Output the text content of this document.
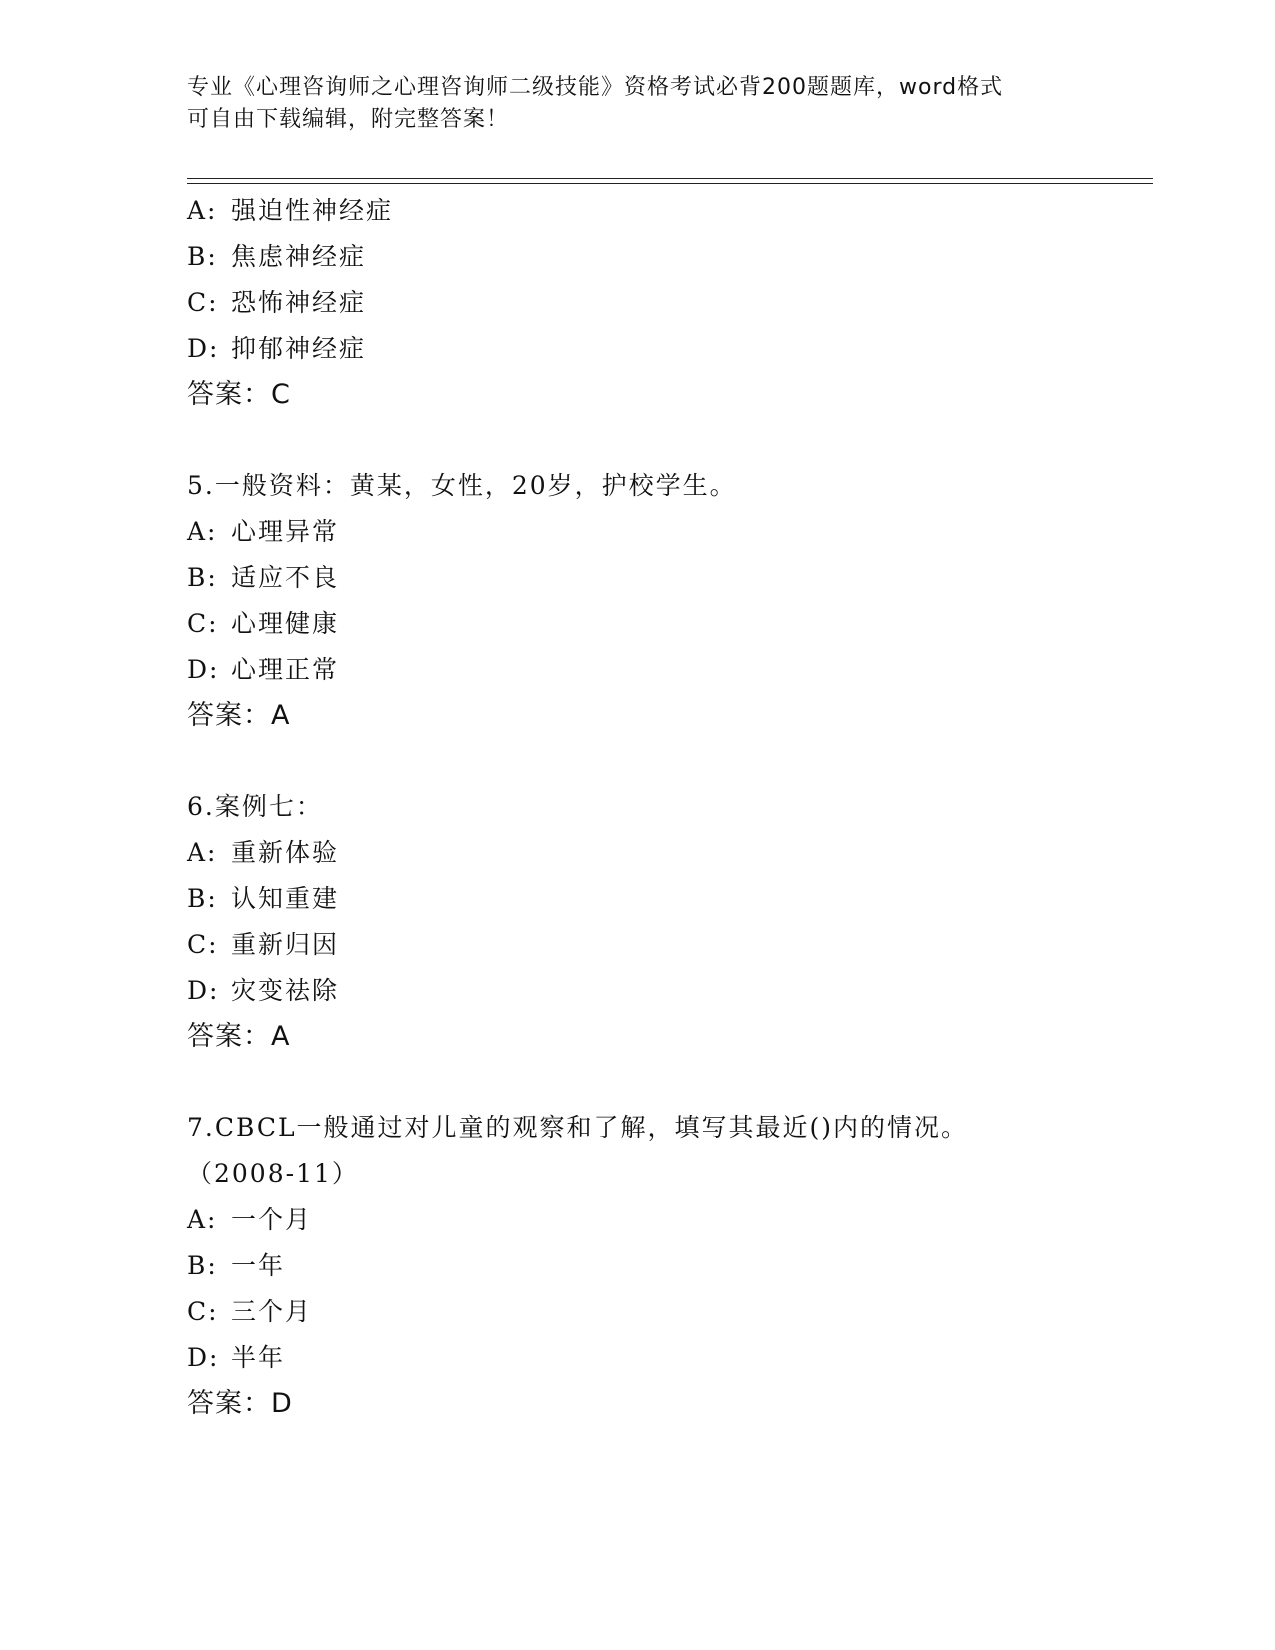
专业《心理咨询师之心理咨询师二级技能》资格考试必背200题题库，word格式
可自由下载编辑，附完整答案！
A: 强迫性神经症
B: 焦虑神经症
C: 恐怖神经症
D: 抑郁神经症
答案：C
5.一般资料：黄某，女性，20岁，护校学生。
A: 心理异常
B: 适应不良
C: 心理健康
D: 心理正常
答案：A
6.案例七：
A: 重新体验
B: 认知重建
C: 重新归因
D: 灾变祛除
答案：A
7.CBCL一般通过对儿童的观察和了解，填写其最近()内的情况。（2008-11）
A: 一个月
B: 一年
C: 三个月
D: 半年
答案：D
